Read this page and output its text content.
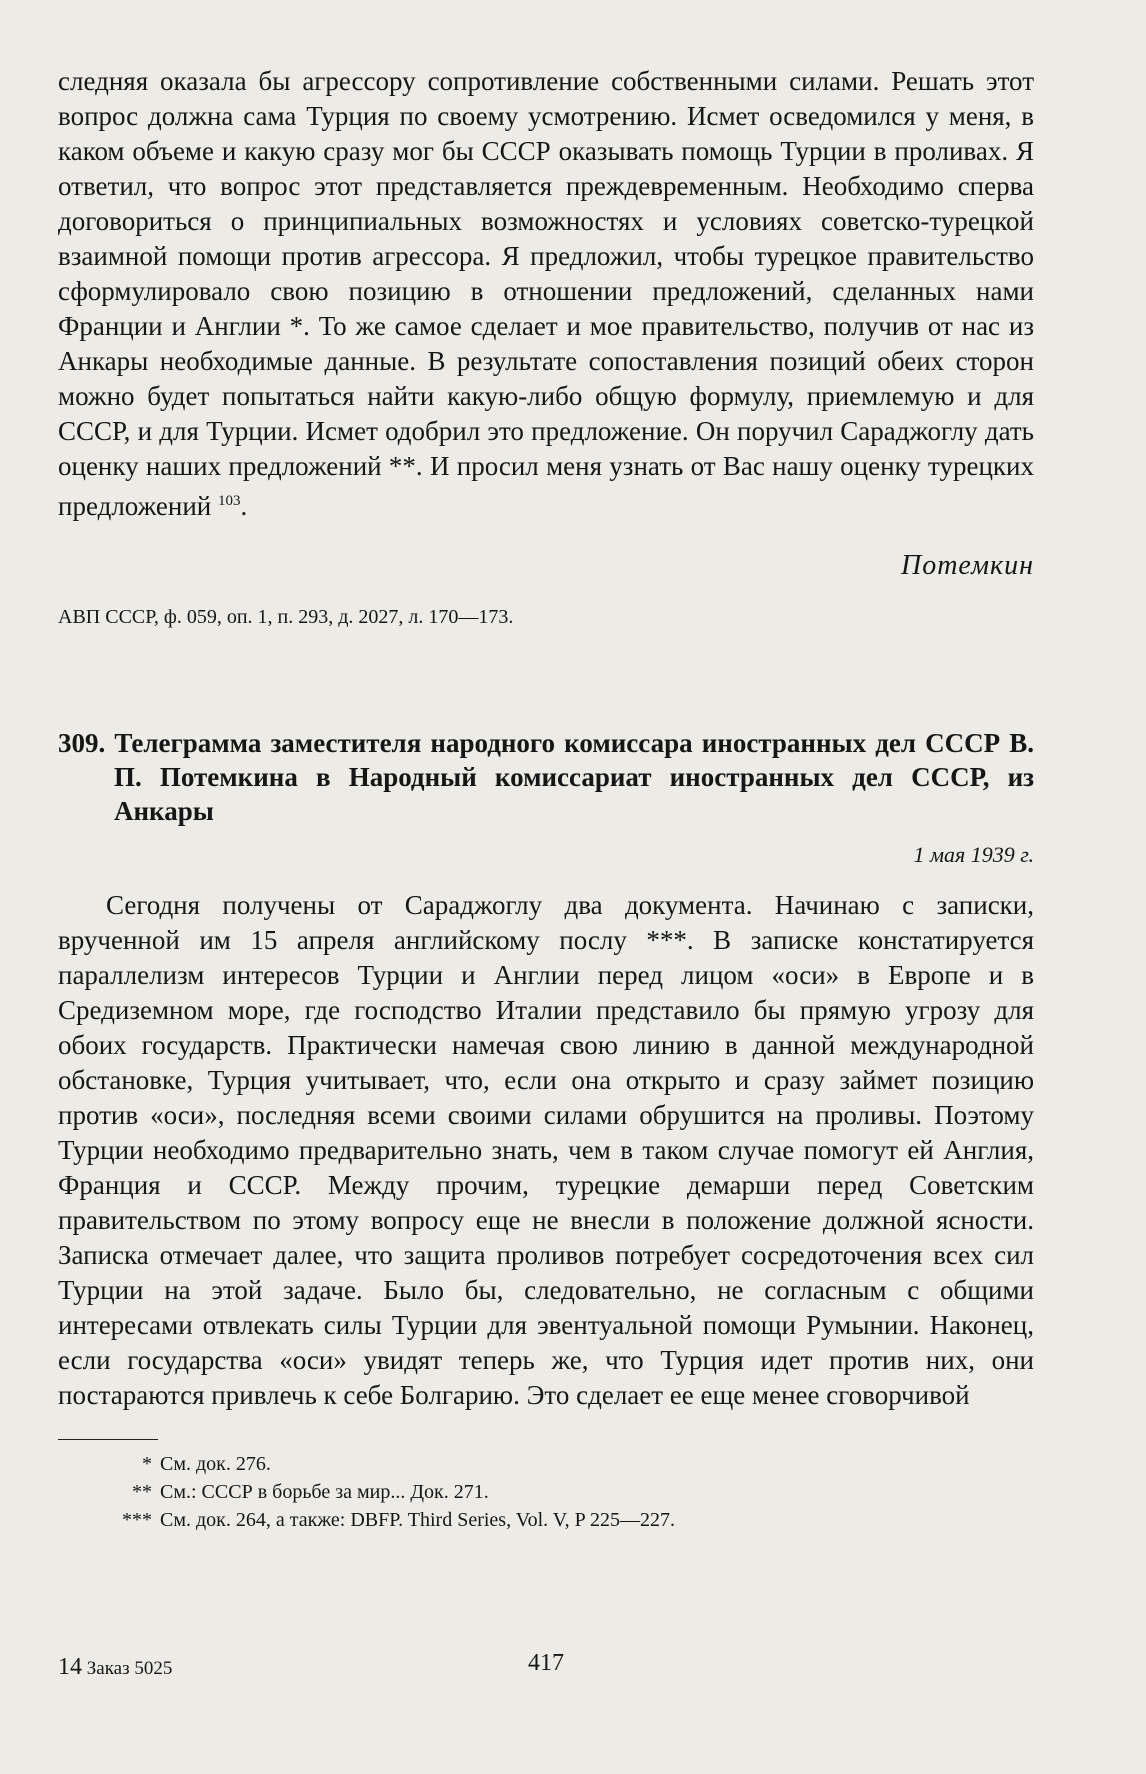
следняя оказала бы агрессору сопротивление собственными силами. Решать этот вопрос должна сама Турция по своему усмотрению. Исмет осведомился у меня, в каком объеме и какую сразу мог бы СССР оказывать помощь Турции в проливах. Я ответил, что вопрос этот представляется преждевременным. Необходимо сперва договориться о принципиальных возможностях и условиях советско-турецкой взаимной помощи против агрессора. Я предложил, чтобы турецкое правительство сформулировало свою позицию в отношении предложений, сделанных нами Франции и Англии *. То же самое сделает и мое правительство, получив от нас из Анкары необходимые данные. В результате сопоставления позиций обеих сторон можно будет попытаться найти какую-либо общую формулу, приемлемую и для СССР, и для Турции. Исмет одобрил это предложение. Он поручил Сараджоглу дать оценку наших предложений **. И просил меня узнать от Вас нашу оценку турецких предложений $^{103}$.

Потемкин

АВП СССР, ф. 059, оп. 1, п. 293, д. 2027, л. 170—173.

309. Телеграмма заместителя народного комиссара иностранных дел СССР В. П. Потемкина в Народный комиссариат иностранных дел СССР, из Анкары

1 мая 1939 г.

Сегодня получены от Сараджоглу два документа. Начинаю с записки, врученной им 15 апреля английскому послу ***. В записке констатируется параллелизм интересов Турции и Англии перед лицом «оси» в Европе и в Средиземном море, где господство Италии представило бы прямую угрозу для обоих государств. Практически намечая свою линию в данной международной обстановке, Турция учитывает, что, если она открыто и сразу займет позицию против «оси», последняя всеми своими силами обрушится на проливы. Поэтому Турции необходимо предварительно знать, чем в таком случае помогут ей Англия, Франция и СССР. Между прочим, турецкие демарши перед Советским правительством по этому вопросу еще не внесли в положение должной ясности. Записка отмечает далее, что защита проливов потребует сосредоточения всех сил Турции на этой задаче. Было бы, следовательно, не согласным с общими интересами отвлекать силы Турции для эвентуальной помощи Румынии. Наконец, если государства «оси» увидят теперь же, что Турция идет против них, они постараются привлечь к себе Болгарию. Это сделает ее еще менее сговорчивой

* См. док. 276.

** См.: СССР в борьбе за мир... Док. 271.

*** См. док. 264, а также: DBFP. Third Series, Vol. V, P 225—227.

14 Заказ 5025	417
